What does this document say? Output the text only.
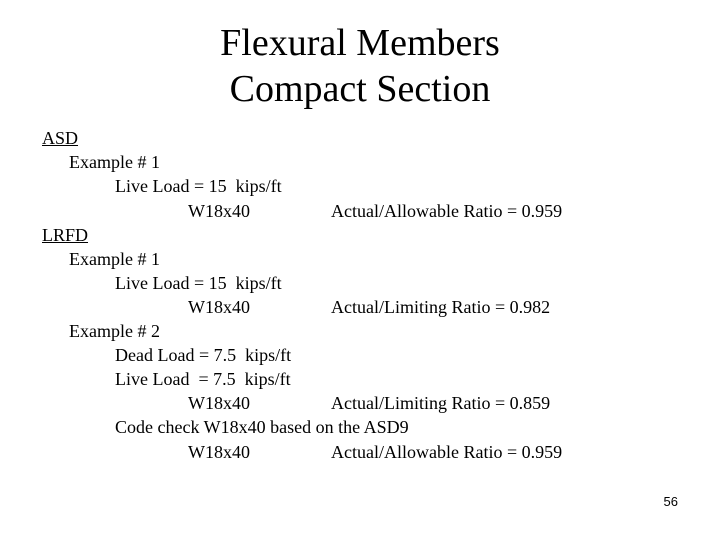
Flexural Members
Compact Section
ASD
Example # 1
Live Load = 15  kips/ft
W18x40	Actual/Allowable Ratio = 0.959
LRFD
Example # 1
Live Load = 15  kips/ft
W18x40	Actual/Limiting Ratio = 0.982
Example # 2
Dead Load = 7.5  kips/ft
Live Load  = 7.5  kips/ft
W18x40	Actual/Limiting Ratio = 0.859
Code check W18x40 based on the ASD9
W18x40	Actual/Allowable Ratio = 0.959
56
